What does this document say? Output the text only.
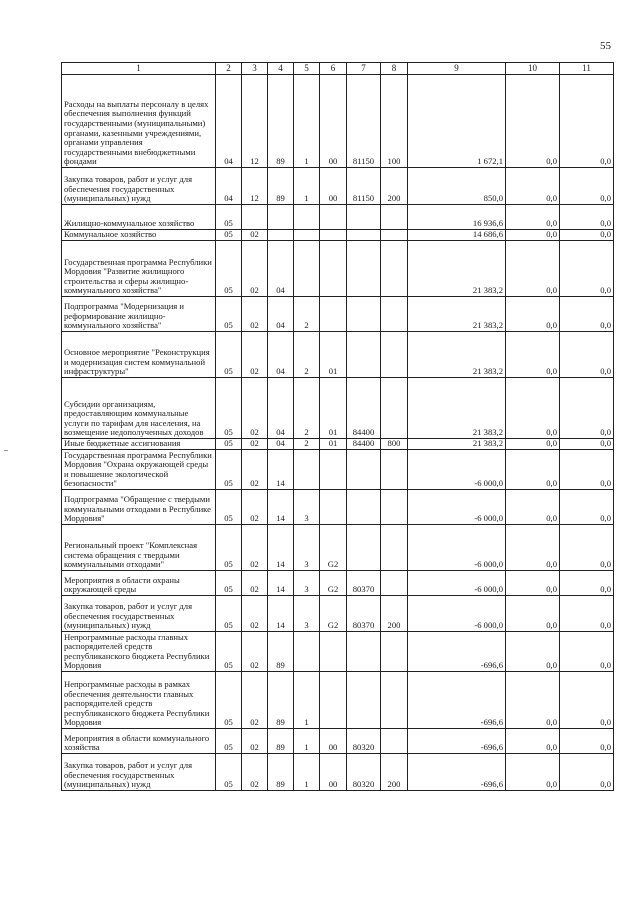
55
1	2	3	4	5	6	7	8	9	10	11
Расходы на выплаты персоналу в целях обеспечения выполнения функций государственными (муниципальными) органами, казенными учреждениями, органами управления государственными внебюджетными фондами	04	12	89	1	00	81150	100	1 672,1	0,0	0,0
Закупка товаров, работ и услуг для обеспечения государственных (муниципальных) нужд	04	12	89	1	00	81150	200	850,0	0,0	0,0
Жилищно-коммунальное хозяйство	05							16 936,6	0,0	0,0
Коммунальное хозяйство	05	02						14 686,6	0,0	0,0
Государственная программа Республики Мордовия "Развитие жилищного строительства и сферы жилищно-коммунального хозяйства"	05	02	04					21 383,2	0,0	0,0
Подпрограмма "Модернизация и реформирование жилищно-коммунального хозяйства"	05	02	04	2				21 383,2	0,0	0,0
Основное мероприятие "Реконструкция и модернизация систем коммунальной инфраструктуры"	05	02	04	2	01			21 383,2	0,0	0,0
Субсидии организациям, предоставляющим коммунальные услуги по тарифам для населения, на возмещение недополученных доходов	05	02	04	2	01	84400		21 383,2	0,0	0,0
Иные бюджетные ассигнования	05	02	04	2	01	84400	800	21 383,2	0,0	0,0
Государственная программа Республики Мордовия "Охрана окружающей среды и повышение экологической безопасности"	05	02	14					-6 000,0	0,0	0,0
Подпрограмма "Обращение с твердыми коммунальными отходами в Республике Мордовия"	05	02	14	3				-6 000,0	0,0	0,0
Региональный проект "Комплексная система обращения с твердыми коммунальными отходами"	05	02	14	3	G2			-6 000,0	0,0	0,0
Мероприятия в области охраны окружающей среды	05	02	14	3	G2	80370		-6 000,0	0,0	0,0
Закупка товаров, работ и услуг для обеспечения государственных (муниципальных) нужд	05	02	14	3	G2	80370	200	-6 000,0	0,0	0,0
Непрограммные расходы главных распорядителей средств республиканского бюджета Республики Мордовия	05	02	89					-696,6	0,0	0,0
Непрограммные расходы в рамках обеспечения деятельности главных распорядителей средств республиканского бюджета Республики Мордовия	05	02	89	1				-696,6	0,0	0,0
Мероприятия в области коммунального хозяйства	05	02	89	1	00	80320		-696,6	0,0	0,0
Закупка товаров, работ и услуг для обеспечения государственных (муниципальных) нужд	05	02	89	1	00	80320	200	-696,6	0,0	0,0
